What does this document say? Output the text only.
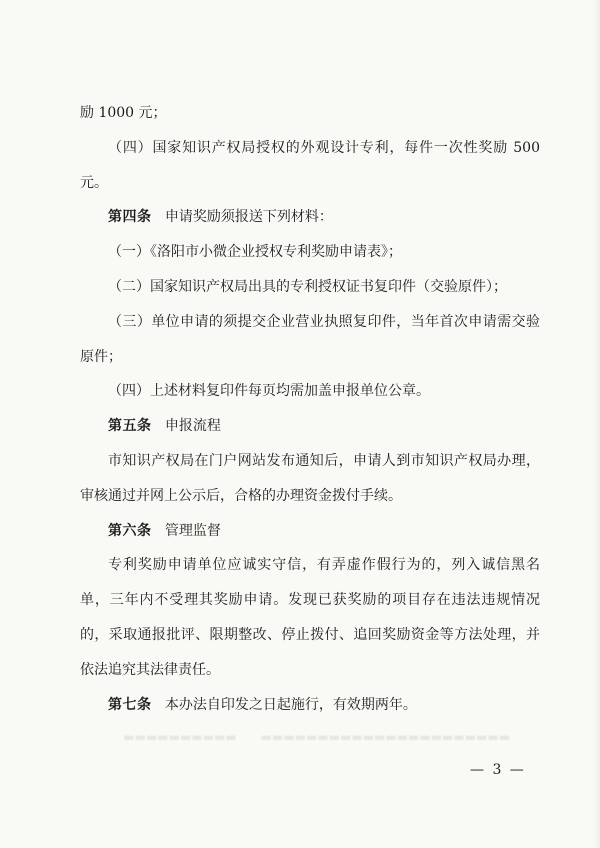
励 1000 元；

（四）国家知识产权局授权的外观设计专利，每件一次性奖励 500 元。

第四条 申请奖励须报送下列材料：

（一）《洛阳市小微企业授权专利奖励申请表》；

（二）国家知识产权局出具的专利授权证书复印件（交验原件）；

（三）单位申请的须提交企业营业执照复印件，当年首次申请需交验原件；

（四）上述材料复印件每页均需加盖申报单位公章。

第五条 申报流程

市知识产权局在门户网站发布通知后，申请人到市知识产权局办理，审核通过并网上公示后，合格的办理资金拨付手续。

第六条 管理监督

专利奖励申请单位应诚实守信，有弄虚作假行为的，列入诚信黑名单，三年内不受理其奖励申请。发现已获奖励的项目存在违法违规情况的，采取通报批评、限期整改、停止拨付、追回奖励资金等方法处理，并依法追究其法律责任。

第七条 本办法自印发之日起施行，有效期两年。

▬▬▬▬▬▬▬▬▬▬▬▬▬▬▬▬▬▬▬▬▬▬　　▬▬▬▬▬▬▬▬▬▬
— 3 —
